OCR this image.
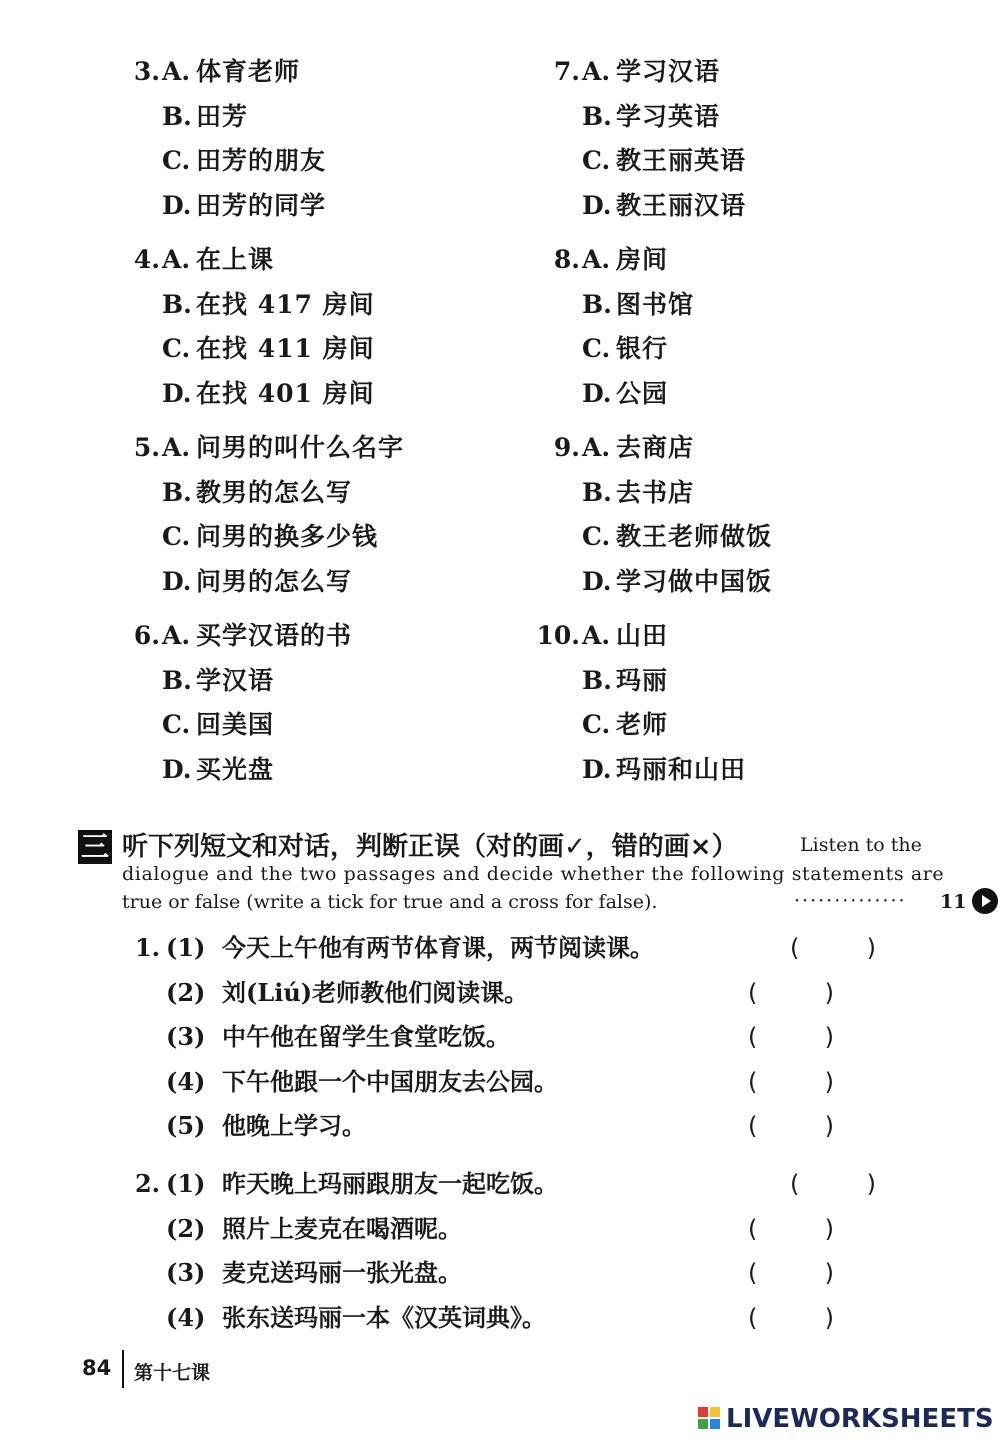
3.A. 体育老师
B. 田芳
C. 田芳的朋友
D. 田芳的同学
4.A. 在上课
B. 在找 417 房间
C. 在找 411 房间
D. 在找 401 房间
5.A. 问男的叫什么名字
B. 教男的怎么写
C. 问男的换多少钱
D. 问男的怎么写
6.A. 买学汉语的书
B. 学汉语
C. 回美国
D. 买光盘
7.A. 学习汉语
B. 学习英语
C. 教王丽英语
D. 教王丽汉语
8.A. 房间
B. 图书馆
C. 银行
D. 公园
9.A. 去商店
B. 去书店
C. 教王老师做饭
D. 学习做中国饭
10.A. 山田
B. 玛丽
C. 老师
D. 玛丽和山田
三 听下列短文和对话，判断正误（对的画✓，错的画×）	Listen to the
dialogue and the two passages and decide whether the following statements are
true or false (write a tick for true and a cross for false).	·············· 11
1. (1) 今天上午他有两节体育课，两节阅读课。	(	)
(2) 刘(Liú)老师教他们阅读课。	(	)
(3) 中午他在留学生食堂吃饭。	(	)
(4) 下午他跟一个中国朋友去公园。	(	)
(5) 他晚上学习。	(	)
2. (1) 昨天晚上玛丽跟朋友一起吃饭。	(	)
(2) 照片上麦克在喝酒呢。	(	)
(3) 麦克送玛丽一张光盘。	(	)
(4) 张东送玛丽一本《汉英词典》。	(	)
84 第十七课
LIVEWORKSHEETS
